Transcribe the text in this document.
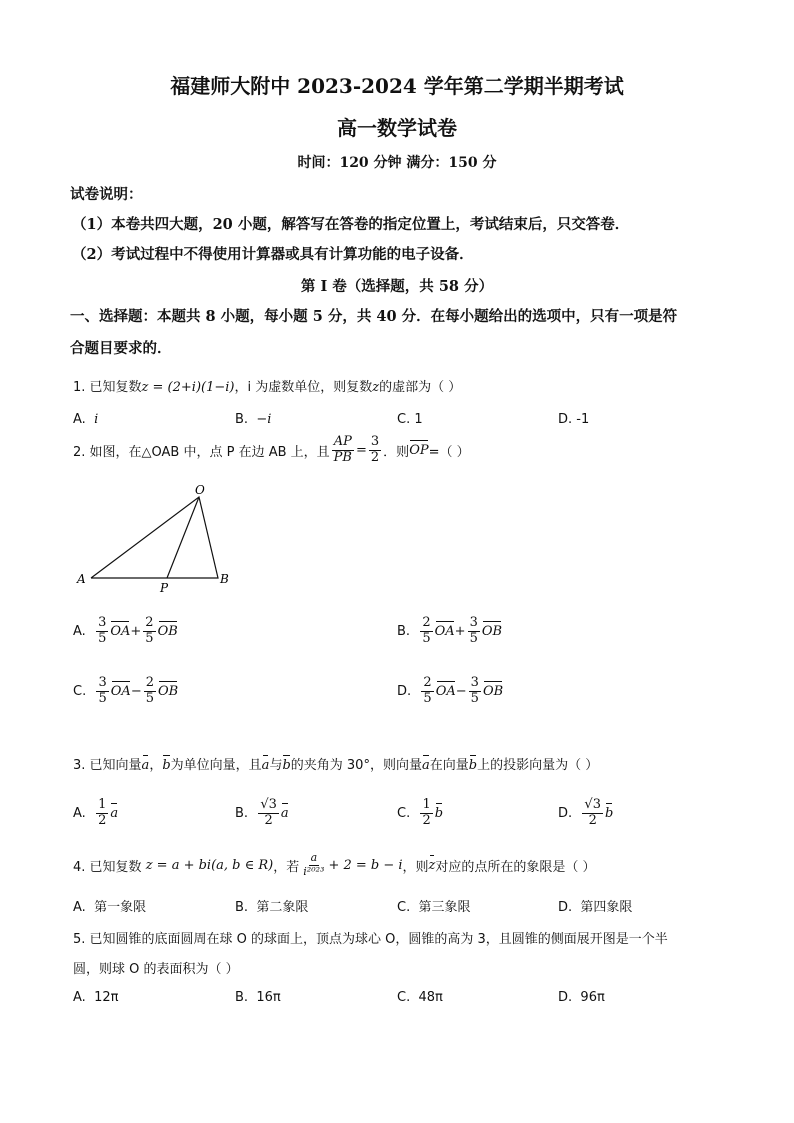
福建师大附中 2023-2024 学年第二学期半期考试
高一数学试卷
时间：120 分钟 满分：150 分
试卷说明：
（1）本卷共四大题，20 小题，解答写在答卷的指定位置上，考试结束后，只交答卷．
（2）考试过程中不得使用计算器或具有计算功能的电子设备．
第 I 卷（选择题，共 58 分）
一、选择题：本题共 8 小题，每小题 5 分，共 40 分．在每小题给出的选项中，只有一项是符
合题目要求的．
1. 已知复数z = (2+i)(1−i)，i 为虚数单位，则复数z的虚部为（ ）
A. i	B. −i	C. 1	D. -1
2. 如图，在△OAB 中，点 P 在边 AB 上，且 $\frac{AP}{PB} = \frac{3}{2}$ ．则 OP =（ ）
O
A	B
P
A.
$\frac{3}{5}$ OA + $\frac{2}{5}$ OB	B.
$\frac{2}{5}$ OA + $\frac{3}{5}$ OB
C.
$\frac{3}{5}$ OA − $\frac{2}{5}$ OB	D.
$\frac{2}{5}$ OA − $\frac{3}{5}$ OB
3. 已知向量a，b为单位向量，且a与b的夹角为 30°，则向量a在向量b上的投影向量为（ ）
A.
$\frac{1}{2}$ a	B.
$\frac{√3}{2}$ a	C.
$\frac{1}{2}$ b	D.
$\frac{√3}{2}$ b
4. 已知复数
z = a + bi(a, b ∈ R) ，若 $\frac{a}{\text{i²⁰²³}} + 2 = b - i$ ，则 z 对应的点所在的象限是（ ）
A. 第一象限	B. 第二象限	C. 第三象限	D. 第四象限
5. 已知圆锥的底面圆周在球 O 的球面上，顶点为球心 O，圆锥的高为 3，且圆锥的侧面展开图是一个半
圆，则球 O 的表面积为（ ）
A. 12π	B. 16π	C. 48π	D. 96π
